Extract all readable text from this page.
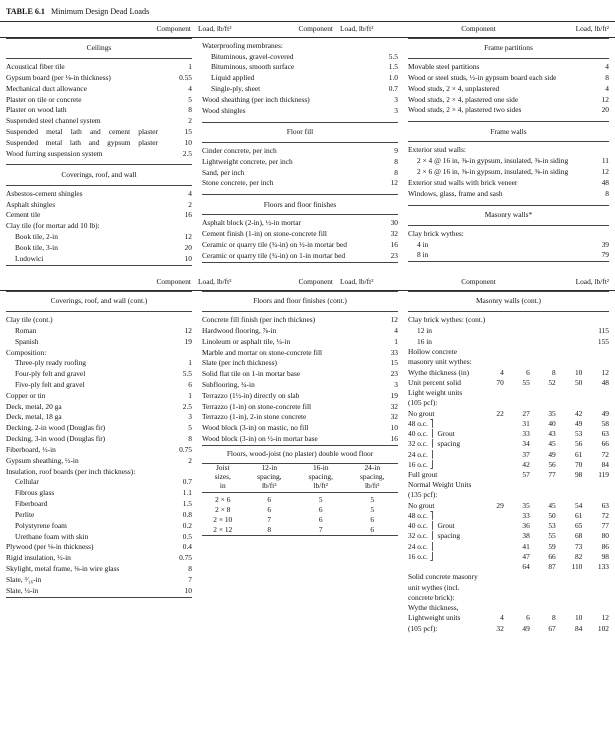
TABLE 6.1 Minimum Design Dead Loads
Component Load, lb/ft²	Component Load, lb/ft²	Component	Load, lb/ft²
Ceilings
Acoustical fiber tile	1
Gypsum board (per ⅛-in thickness)	0.55
Mechanical duct allowance	4
Plaster on tile or concrete	5
Plaster on wood lath	8
Suspended steel channel system	2
Suspended metal lath and cement plaster	15
Suspended metal lath and gypsum plaster	10
Wood furring suspension system	2.5
Coverings, roof, and wall
Asbestos-cement shingles	4
Asphalt shingles	2
Cement tile	16
Clay tile (for mortar add 10 lb):
Book tile, 2-in	12
Book tile, 3-in	20
Ludowici	10
Waterproofing membranes:
Bituminous, gravel-covered	5.5
Bituminous, smooth surface	1.5
Liquid applied	1.0
Single-ply, sheet	0.7
Wood sheathing (per inch thickness)	3
Wood shingles	3
Floor fill
Cinder concrete, per inch	9
Lightweight concrete, per inch	8
Sand, per inch	8
Stone concrete, per inch	12
Floors and floor finishes
Asphalt block (2-in), ½-in mortar	30
Cement finish (1-in) on stone-concrete fill	32
Ceramic or quarry tile (¾-in) on ½-in mortar bed	16
Ceramic or quarry tile (¾-in) on 1-in mortar bed	23
Frame partitions
Movable steel partitions	4
Wood or steel studs, ½-in gypsum board each side	8
Wood studs, 2 × 4, unplastered	4
Wood studs, 2 × 4, plastered one side	12
Wood studs, 2 × 4, plastered two sides	20
Frame walls
Exterior stud walls:
2 × 4 @ 16 in, ⅜-in gypsum, insulated, ⅜-in siding	11
2 × 6 @ 16 in, ⅜-in gypsum, insulated, ⅜-in siding	12
Exterior stud walls with brick veneer	48
Windows, glass, frame and sash	8
Masonry walls*
Clay brick wythes:
4 in	39
8 in	79
Component Load, lb/ft²	Component Load, lb/ft²	Component	Load, lb/ft²
Coverings, roof, and wall (cont.)
Clay tile (cont.)
Roman	12
Spanish	19
Composition:
Three-ply ready roofing	1
Four-ply felt and gravel	5.5
Five-ply felt and gravel	6
Copper or tin	1
Deck, metal, 20 ga	2.5
Deck, metal, 18 ga	3
Decking, 2-in wood (Douglas fir)	5
Decking, 3-in wood (Douglas fir)	8
Fiberboard, ½-in	0.75
Gypsum sheathing, ½-in	2
Insulation, roof boards (per inch thickness):
Cellular	0.7
Fibrous glass	1.1
Fiberboard	1.5
Perlite	0.8
Polystyrene foam	0.2
Urethane foam with skin	0.5
Plywood (per ⅛-in thickness)	0.4
Rigid insulation, ½-in	0.75
Skylight, metal frame, ⅜-in wire glass	8
Slate, ³⁄₁₆-in	7
Slate, ¼-in	10
Floors and floor finishes (cont.)
Concrete fill finish (per inch thicknes)	12
Hardwood flooring, ⅞-in	4
Linoleum or asphalt tile, ¼-in	1
Marble and mortar on stone-concrete fill	33
Slate (per inch thickness)	15
Solid flat tile on 1-in mortar base	23
Subflooring, ¾-in	3
Terrazzo (1½-in) directly on slab	19
Terrazzo (1-in) on stone-concrete fill	32
Terrazzo (1-in), 2-in stone concrete	32
Wood block (3-in) on mastic, no fill	10
Wood block (3-in) on ½-in mortar base	16
Floors, wood-joist (no plaster) double wood floor
Joist
sizes,
in	12-in
spacing,
lb/ft²	16-in
spacing,
lb/ft²	24-in
spacing,
lb/ft²

2 × 6	6	5	5
2 × 8	6	6	5
2 × 10	7	6	6
2 × 12	8	7	6
Masonry walls (cont.)
Clay brick wythes: (cont.)
12 in	115
16 in	155
Hollow concrete					
masonry unit wythes:					
Wythe thickness (in)	4	6	8	10	12
Unit percent solid	70	55	52	50	48
Light weight units					
(105 pcf):					
No grout	22	27	35	42	49
48 o.c. ⎤		31	40	49	58
40 o.c. ⎥ Grout		33	43	53	63
32 o.c. ⎥ spacing		34	45	56	66
24 o.c. ⎥		37	49	61	72
16 o.c. ⎦		42	56	70	84
Full grout		57	77	98	119
Normal Weight Units					
(135 pcf):					
No grout	29	35	45	54	63
48 o.c. ⎤		33	50	61	72
40 o.c. ⎥ Grout		36	53	65	77
32 o.c. ⎥ spacing		38	55	68	80
24 o.c. ⎥		41	59	73	86
16 o.c. ⎦		47	66	82	98
		64	87	110	133
Solid concrete masonry					
unit wythes (incl.					
concrete brick):					
Wythe thickness,					
Lightweight units	4	6	8	10	12
(105 pcf):	32	49	67	84	102
